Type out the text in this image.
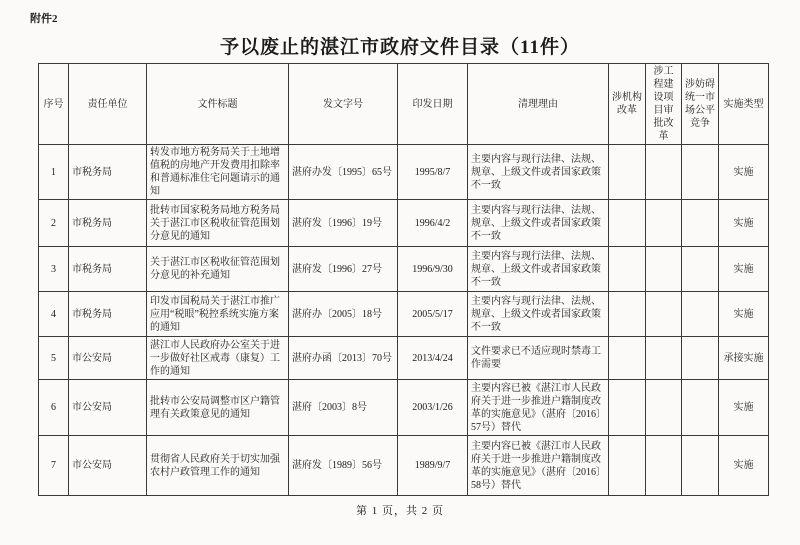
附件2
予以废止的湛江市政府文件目录（11件）
序号	责任单位	文件标题	发文字号	印发日期	清理理由	涉机构改革	涉工程建设项目审批改革	涉妨碍统一市场公平竞争	实施类型
1	市税务局	转发市地方税务局关于土地增值税的房地产开发费用扣除率和普通标准住宅问题请示的通知	湛府办发〔1995〕65号	1995/8/7	主要内容与现行法律、法规、规章、上级文件或者国家政策不一致				实施
2	市税务局	批转市国家税务局地方税务局关于湛江市区税收征管范围划分意见的通知	湛府发〔1996〕19号	1996/4/2	主要内容与现行法律、法规、规章、上级文件或者国家政策不一致				实施
3	市税务局	关于湛江市区税收征管范围划分意见的补充通知	湛府发〔1996〕27号	1996/9/30	主要内容与现行法律、法规、规章、上级文件或者国家政策不一致				实施
4	市税务局	印发市国税局关于湛江市推广应用“税眼”税控系统实施方案的通知	湛府办〔2005〕18号	2005/5/17	主要内容与现行法律、法规、规章、上级文件或者国家政策不一致				实施
5	市公安局	湛江市人民政府办公室关于进一步做好社区戒毒（康复）工作的通知	湛府办函〔2013〕70号	2013/4/24	文件要求已不适应现时禁毒工作需要				承接实施
6	市公安局	批转市公安局调整市区户籍管理有关政策意见的通知	湛府〔2003〕8号	2003/1/26	主要内容已被《湛江市人民政府关于进一步推进户籍制度改革的实施意见》（湛府〔2016〕57号）替代				实施
7	市公安局	贯彻省人民政府关于切实加强农村户政管理工作的通知	湛府发〔1989〕56号	1989/9/7	主要内容已被《湛江市人民政府关于进一步推进户籍制度改革的实施意见》（湛府〔2016〕58号）替代				实施
第 1 页，共 2 页
